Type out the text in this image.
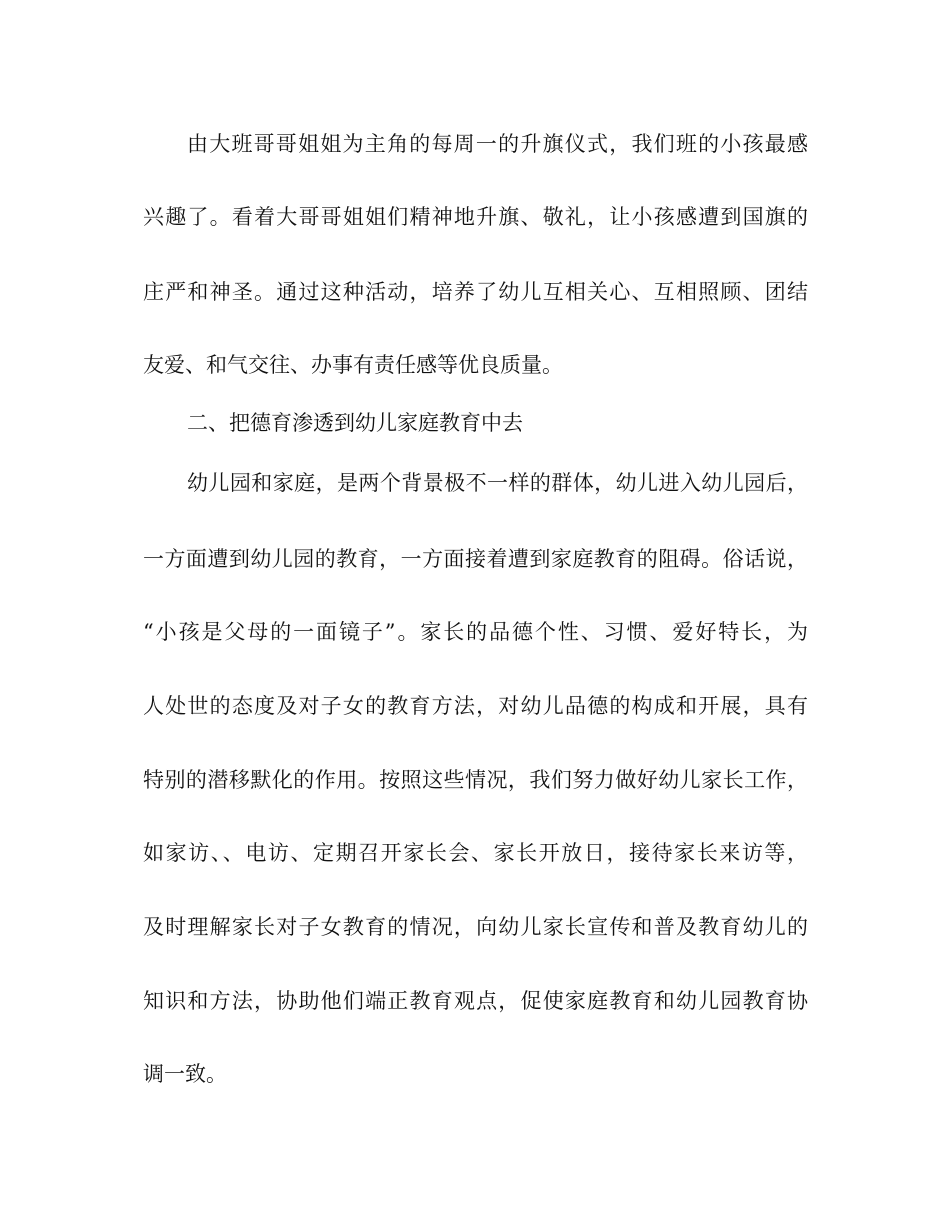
由大班哥哥姐姐为主角的每周一的升旗仪式，我们班的小孩最感
兴趣了。看着大哥哥姐姐们精神地升旗、敬礼，让小孩感遭到国旗的
庄严和神圣。通过这种活动，培养了幼儿互相关心、互相照顾、团结
友爱、和气交往、办事有责任感等优良质量。
二、把德育渗透到幼儿家庭教育中去
幼儿园和家庭，是两个背景极不一样的群体，幼儿进入幼儿园后，
一方面遭到幼儿园的教育，一方面接着遭到家庭教育的阻碍。俗话说，
“小孩是父母的一面镜子”。家长的品德个性、习惯、爱好特长，为
人处世的态度及对子女的教育方法，对幼儿品德的构成和开展，具有
特别的潜移默化的作用。按照这些情况，我们努力做好幼儿家长工作，
如家访、、电访、定期召开家长会、家长开放日，接待家长来访等，
及时理解家长对子女教育的情况，向幼儿家长宣传和普及教育幼儿的
知识和方法，协助他们端正教育观点，促使家庭教育和幼儿园教育协
调一致。
